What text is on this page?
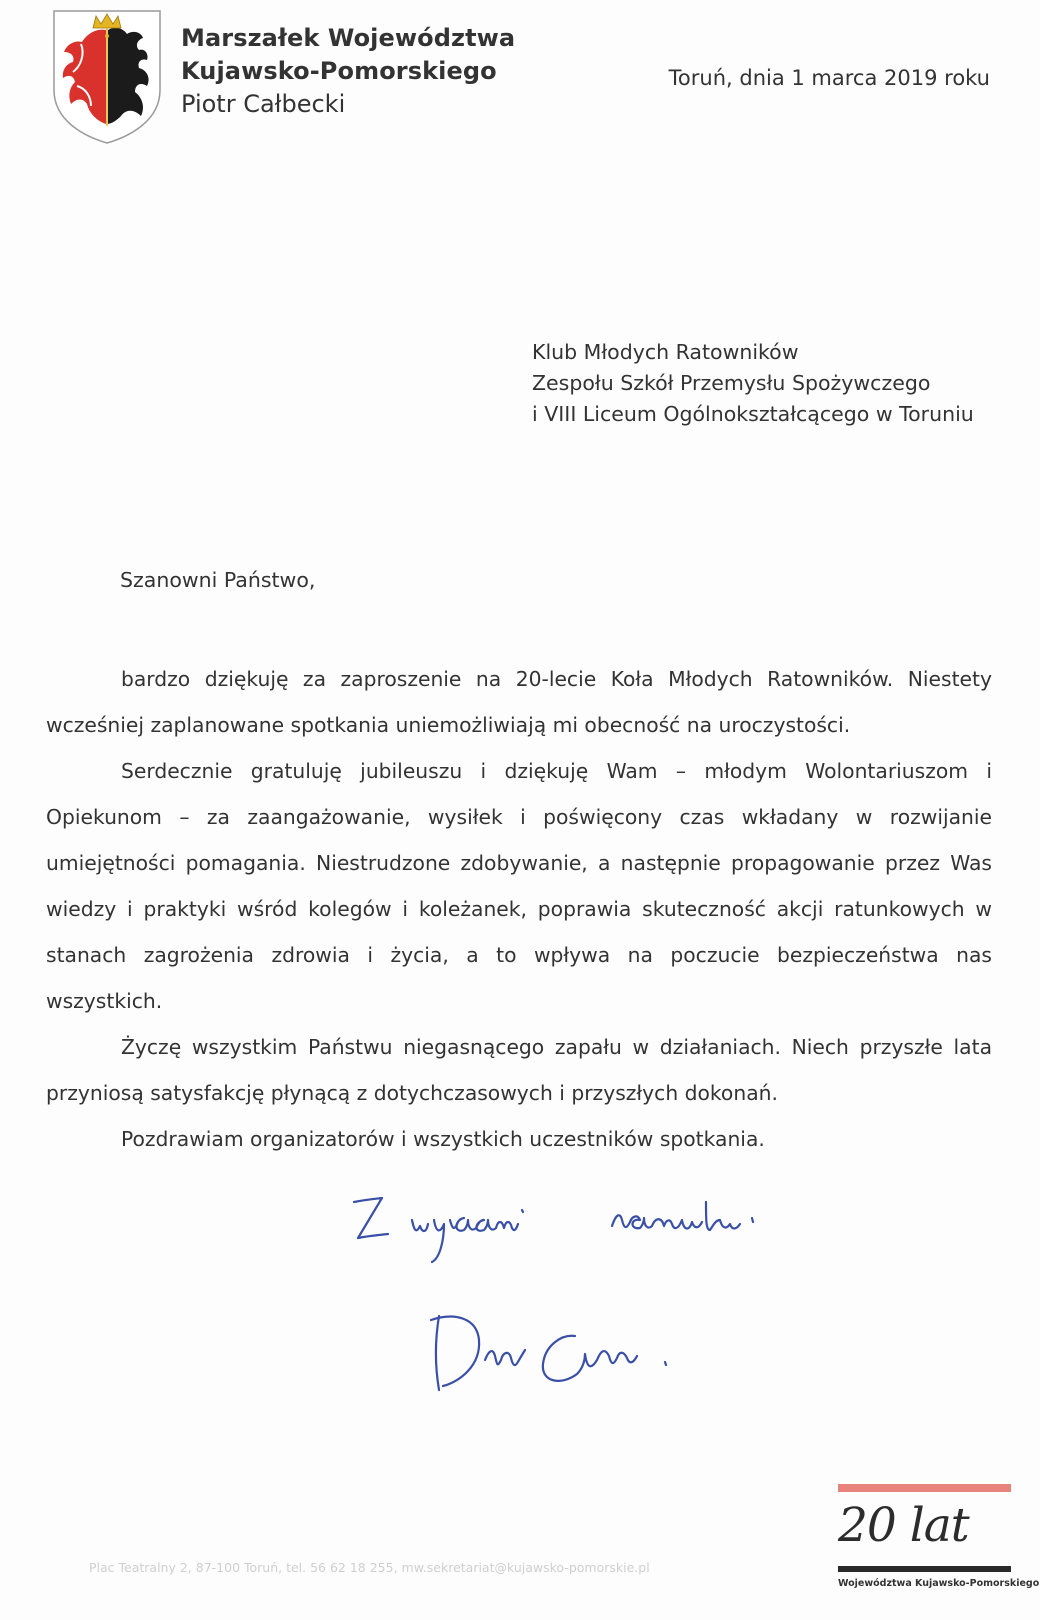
Marszałek Województwa
Kujawsko-Pomorskiego
Piotr Całbecki
Toruń, dnia 1 marca 2019 roku
Klub Młodych Ratowników
Zespołu Szkół Przemysłu Spożywczego
i VIII Liceum Ogólnokształcącego w Toruniu
Szanowni Państwo,

bardzo dziękuję za zaproszenie na 20-lecie Koła Młodych Ratowników. Niestety wcześniej zaplanowane spotkania uniemożliwiają mi obecność na uroczystości.

Serdecznie gratuluję jubileuszu i dziękuję Wam – młodym Wolontariuszom i Opiekunom – za zaangażowanie, wysiłek i poświęcony czas wkładany w rozwijanie umiejętności pomagania. Niestrudzone zdobywanie, a następnie propagowanie przez Was wiedzy i praktyki wśród kolegów i koleżanek, poprawia skuteczność akcji ratunkowych w stanach zagrożenia zdrowia i życia, a to wpływa na poczucie bezpieczeństwa nas wszystkich.

Życzę wszystkim Państwu niegasnącego zapału w działaniach. Niech przyszłe lata przyniosą satysfakcję płynącą z dotychczasowych i przyszłych dokonań.

Pozdrawiam organizatorów i wszystkich uczestników spotkania.

Plac Teatralny 2, 87-100 Toruń, tel. 56 62 18 255, mw.sekretariat@kujawsko-pomorskie.pl
20 lat
Województwa Kujawsko-Pomorskiego
